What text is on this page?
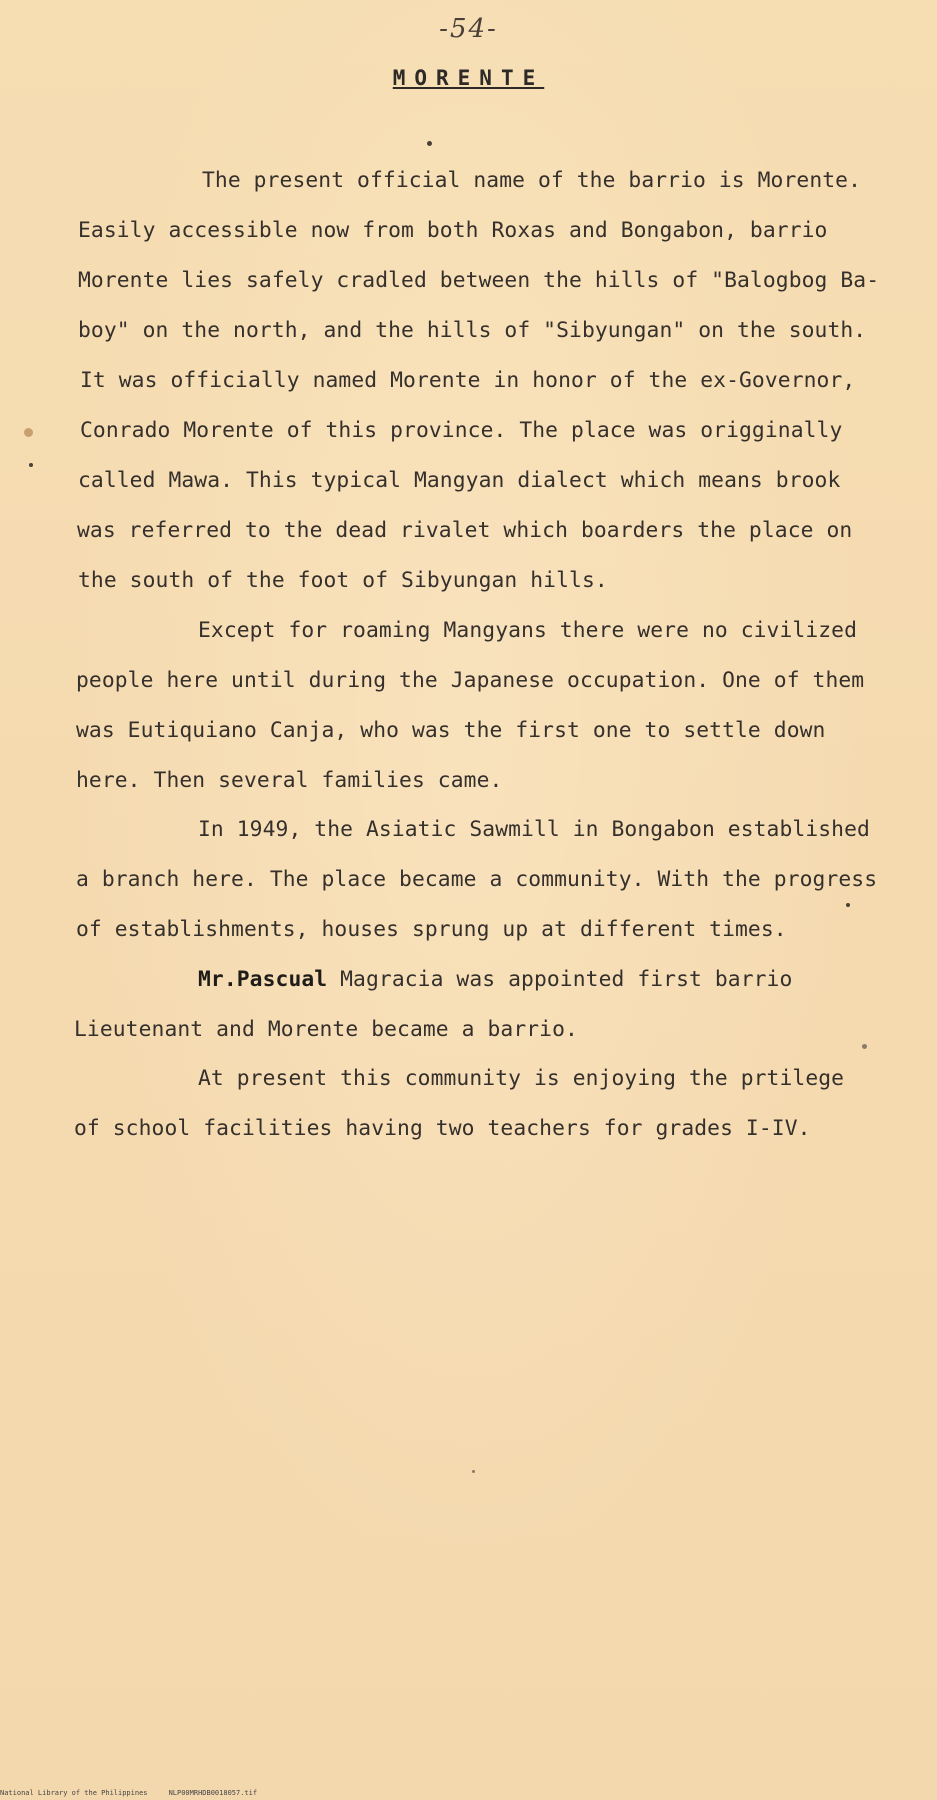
-54-
MORENTE
The present official name of the barrio is Morente.
Easily accessible now from both Roxas and Bongabon, barrio
Morente lies safely cradled between the hills of "Balogbog Ba-
boy" on the north, and the hills of "Sibyungan" on the south.
It was officially named Morente in honor of the ex-Governor,
Conrado Morente of this province. The place was origginally
called Mawa. This typical Mangyan dialect which means brook
was referred to the dead rivalet which boarders the place on
the south of the foot of Sibyungan hills.
Except for roaming Mangyans there were no civilized
people here until during the Japanese occupation. One of them
was Eutiquiano Canja, who was the first one to settle down
here. Then several families came.
In 1949, the Asiatic Sawmill in Bongabon established
a branch here. The place became a community. With the progress
of establishments, houses sprung up at different times.
Mr.Pascual Magracia was appointed first barrio
Lieutenant and Morente became a barrio.
At present this community is enjoying the prtilege
of school facilities having two teachers for grades I-IV.
National Library of the Philippines     NLP00MRHDB0018057.tif
